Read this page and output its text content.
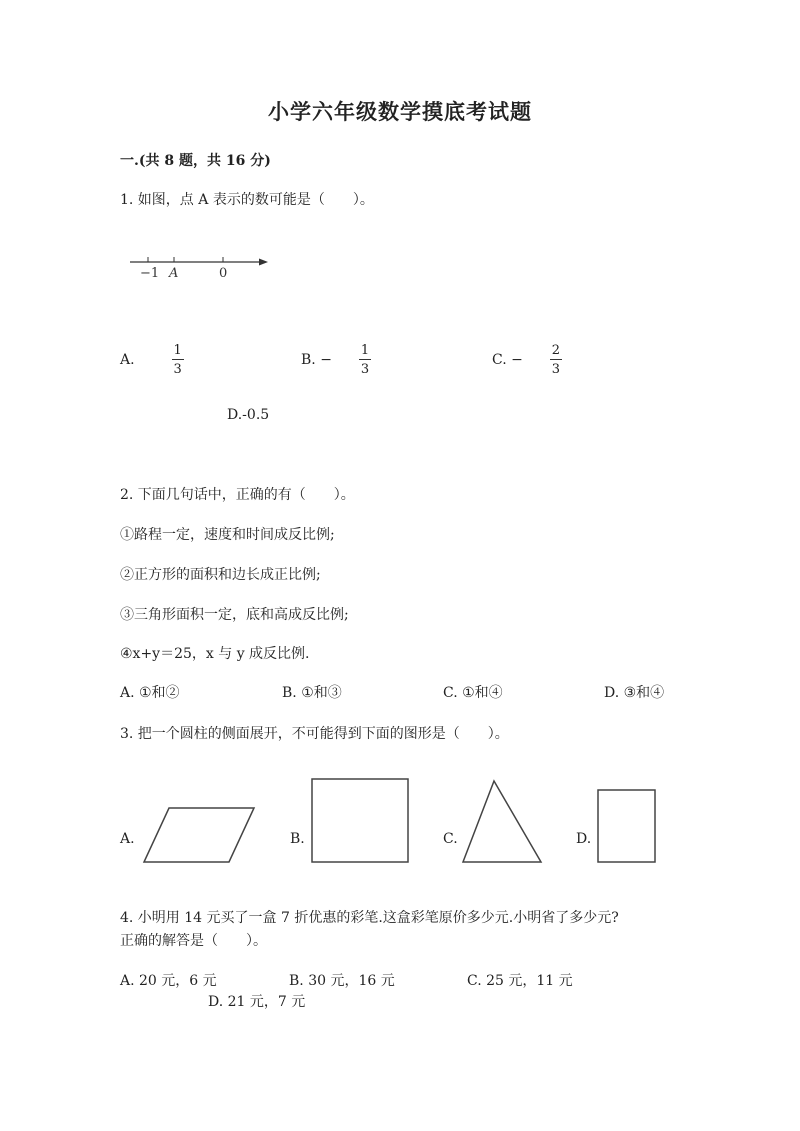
小学六年级数学摸底考试题
一.(共 8 题，共 16 分)
1. 如图，点 A 表示的数可能是（　　）。
−1 A	0
A.	$\frac{1}{3}$	B. − $\frac{1}{3}$	C. − $\frac{2}{3}$
D.-0.5
2. 下面几句话中，正确的有（　　）。
①路程一定，速度和时间成反比例;
②正方形的面积和边长成正比例;
③三角形面积一定，底和高成反比例;
④x+y＝25，x 与 y 成反比例.
A. ①和②	B. ①和③	C. ①和④	D. ③和④
3. 把一个圆柱的侧面展开，不可能得到下面的图形是（　　）。
A.	B.	C.	D.
4. 小明用 14 元买了一盒 7 折优惠的彩笔.这盒彩笔原价多少元.小明省了多少元?
正确的解答是（　　）。
A. 20 元，6 元	B. 30 元，16 元	C. 25 元，11 元
D. 21 元，7 元
